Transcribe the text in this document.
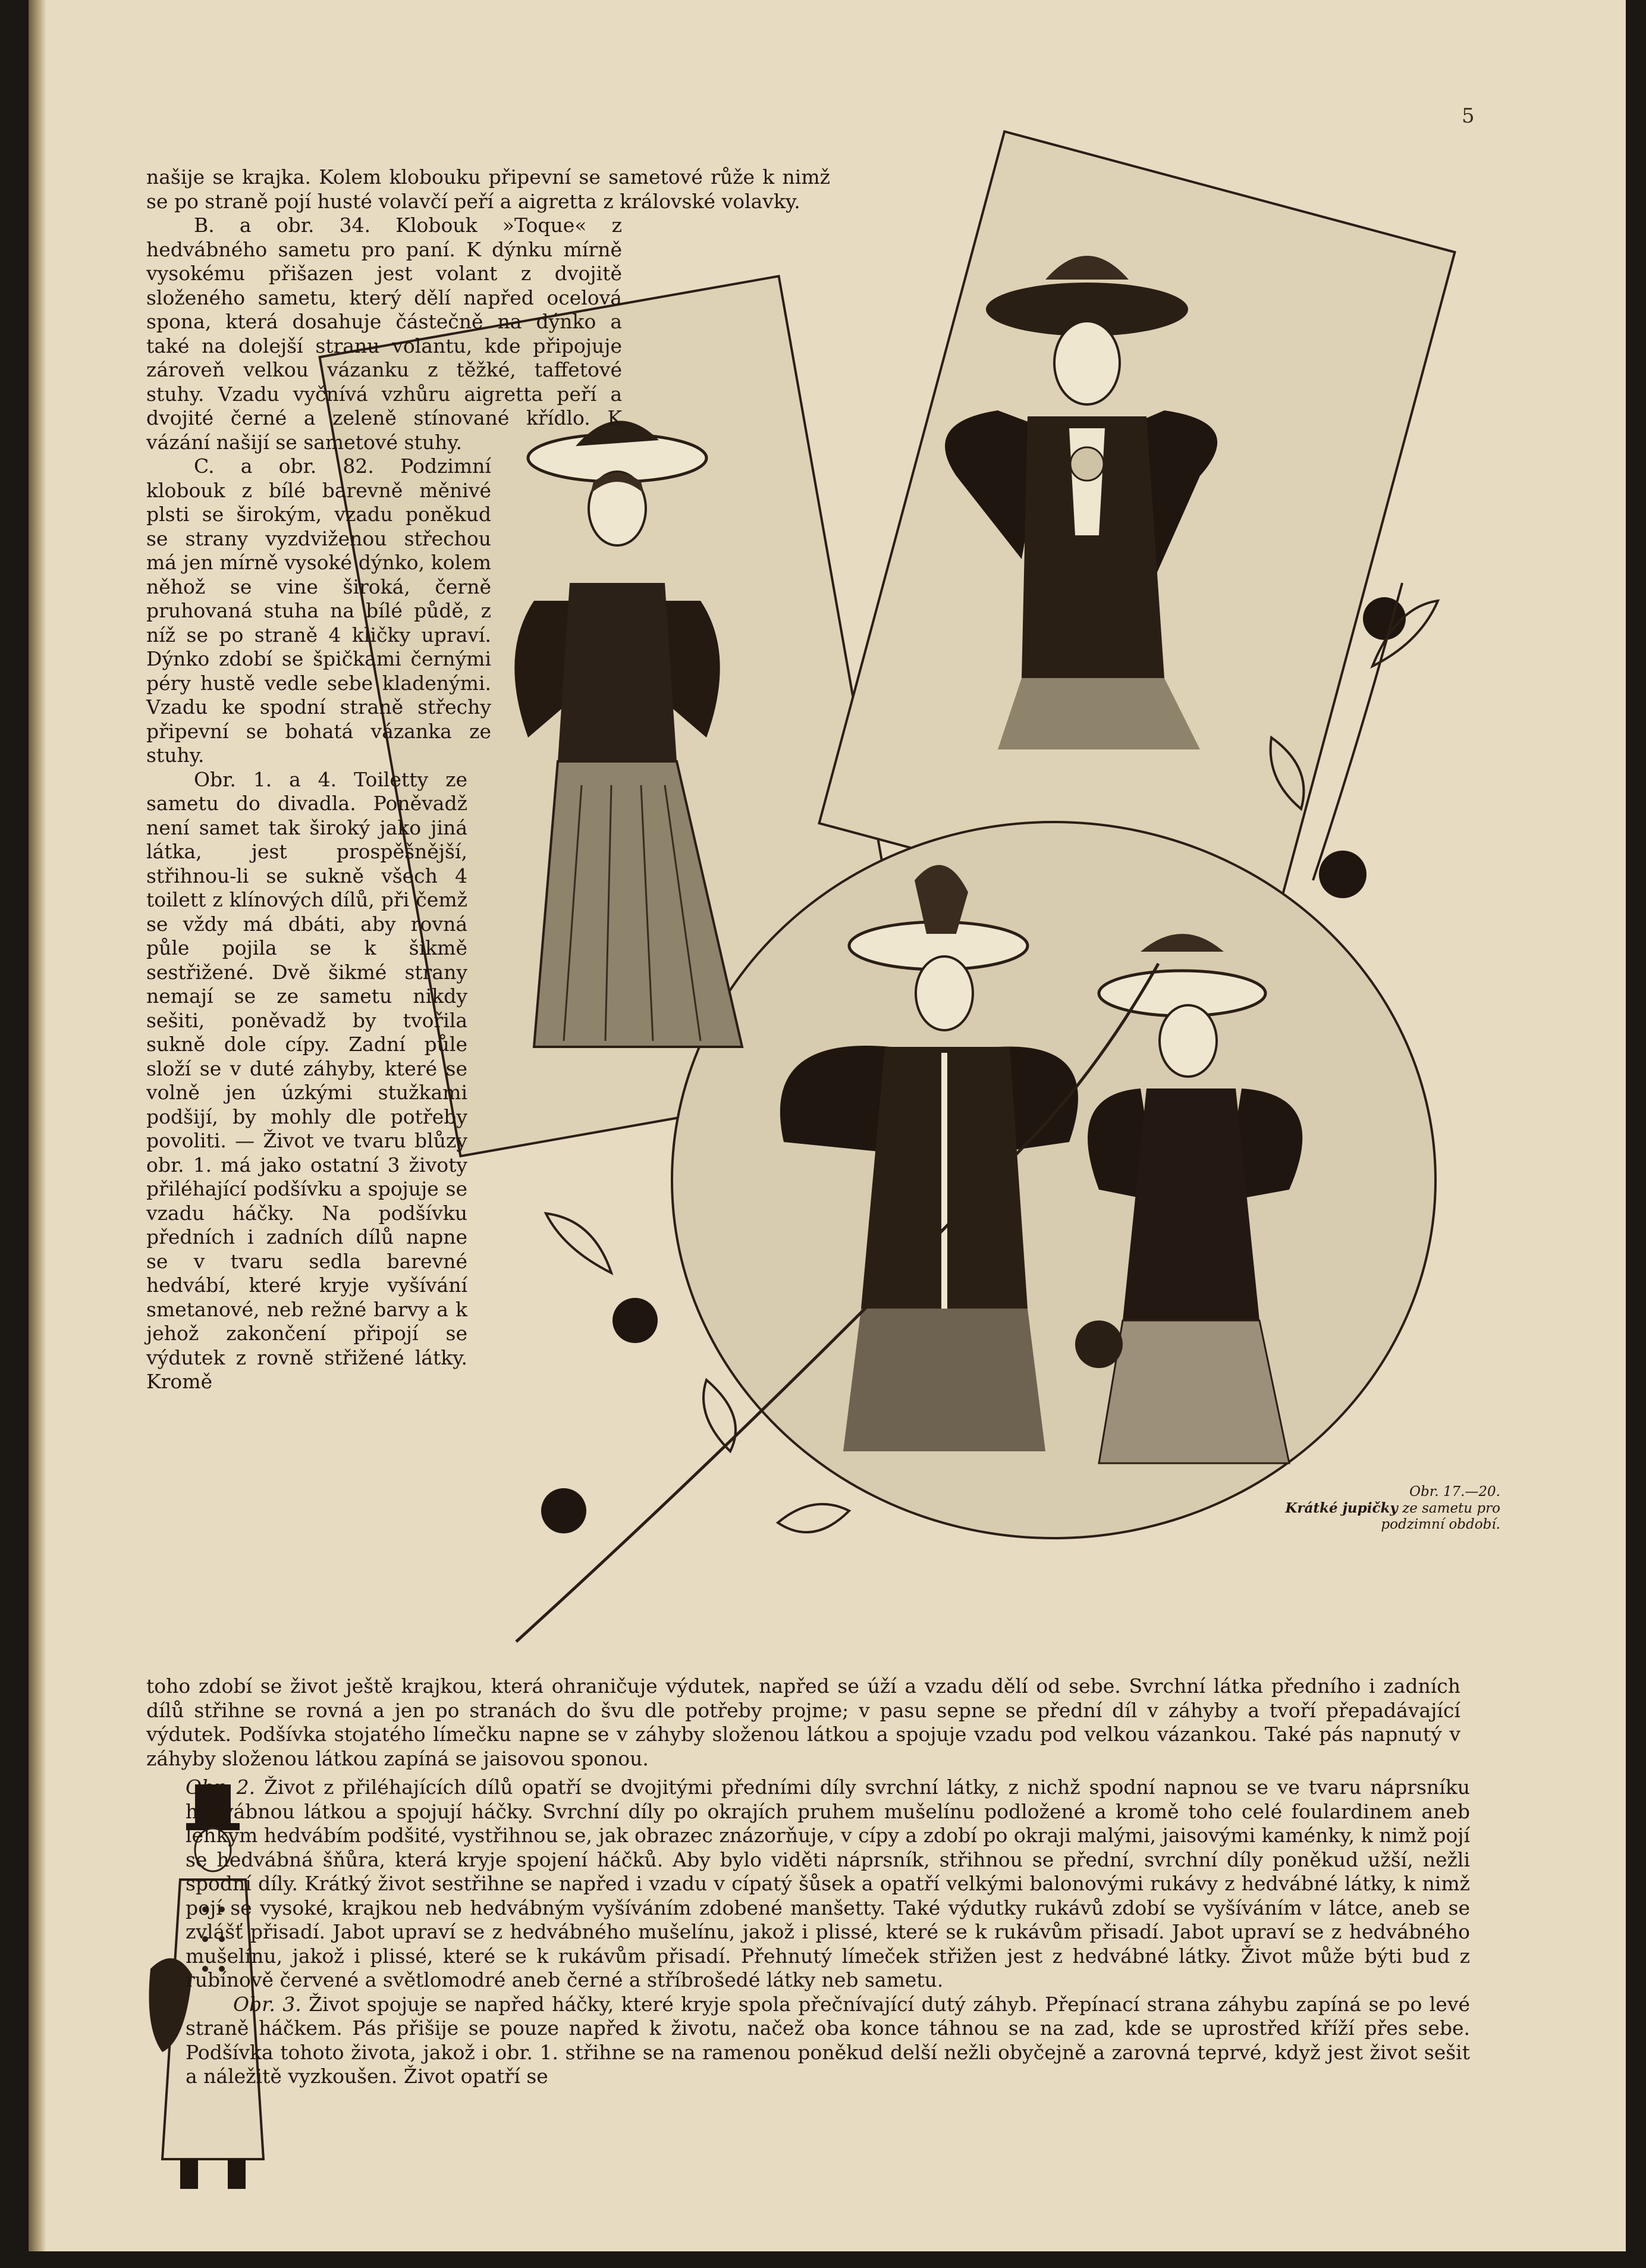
5
Obr. 17.—20.
Krátké jupičky ze sametu pro podzimní období.

našije se krajka. Kolem klobouku připevní se sametové růže k nimž se po straně pojí husté volavčí peří a aigretta z královské volavky.

B. a obr. 34. Klobouk »Toque« z hedvábného sametu pro paní. K dýnku mírně vysokému přišazen jest volant z dvojitě složeného sametu, který dělí napřed ocelová spona, která dosahuje částečně na dýnko a také na dolejší stranu volantu, kde připojuje zároveň velkou vázanku z těžké, taffetové stuhy. Vzadu vyčnívá vzhůru aigretta peří a dvojité černé a zeleně stínované křídlo. K vázání našijí se sametové stuhy.

C. a obr. 82. Podzimní klobouk z bílé barevně měnivé plsti se širokým, vzadu poněkud se strany vyzdviženou střechou má jen mírně vysoké dýnko, kolem něhož se vine široká, černě pruhovaná stuha na bílé půdě, z níž se po straně 4 kličky upraví. Dýnko zdobí se špičkami černými péry hustě vedle sebe kladenými. Vzadu ke spodní straně střechy připevní se bohatá vázanka ze stuhy.

Obr. 1. a 4. Toiletty ze sametu do divadla. Poněvadž není samet tak široký jako jiná látka, jest prospěšnější, střihnou-li se sukně všech 4 toilett z klínových dílů, při čemž se vždy má dbáti, aby rovná půle pojila se k šikmě sestřižené. Dvě šikmé strany nemají se ze sametu nikdy sešiti, poněvadž by tvořila sukně dole cípy. Zadní půle složí se v duté záhyby, které se volně jen úzkými stužkami podšijí, by mohly dle potřeby povoliti. — Život ve tvaru blůzy obr. 1. má jako ostatní 3 životy přiléhající podšívku a spojuje se vzadu háčky. Na podšívku předních i zadních dílů napne se v tvaru sedla barevné hedvábí, které kryje vyšívání smetanové, neb režné barvy a k jehož zakončení připojí se výdutek z rovně střižené látky. Kromě

toho zdobí se život ještě krajkou, která ohraničuje výdutek, napřed se úží a vzadu dělí od sebe. Svrchní látka předního i zadních dílů střihne se rovná a jen po stranách do švu dle potřeby projme; v pasu sepne se přední díl v záhyby a tvoří přepadávající výdutek. Podšívka stojatého límečku napne se v záhyby složenou látkou a spojuje vzadu pod velkou vázankou. Také pás napnutý v záhyby složenou látkou zapíná se jaisovou sponou.

Obr. 2. Život z přiléhajících dílů opatří se dvojitými předními díly svrchní látky, z nichž spodní napnou se ve tvaru náprsníku hedvábnou látkou a spojují háčky. Svrchní díly po okrajích pruhem mušelínu podložené a kromě toho celé foulardinem aneb lehkým hedvábím podšité, vystřihnou se, jak obrazec znázorňuje, v cípy a zdobí po okraji malými, jaisovými kaménky, k nimž pojí se hedvábná šňůra, která kryje spojení háčků. Aby bylo viděti náprsník, střihnou se přední, svrchní díly poněkud užší, nežli spodní díly. Krátký život sestřihne se napřed i vzadu v cípatý šůsek a opatří velkými balonovými rukávy z hedvábné látky, k nimž pojí se vysoké, krajkou neb hedvábným vyšíváním zdobené manšetty. Také výdutky rukávů zdobí se vyšíváním v látce, aneb se zvlášť přisadí. Jabot upraví se z hedvábného mušelínu, jakož i plissé, které se k rukávům přisadí. Jabot upraví se z hedvábného mušelínu, jakož i plissé, které se k rukávům přisadí. Přehnutý límeček střižen jest z hedvábné látky. Život může býti bud z rubínově červené a světlomodré aneb černé a stříbrošedé látky neb sametu.

Obr. 3. Život spojuje se napřed háčky, které kryje spola přečnívající dutý záhyb. Přepínací strana záhybu zapíná se po levé straně háčkem. Pás přišije se pouze napřed k životu, načež oba konce táhnou se na zad, kde se uprostřed kříží přes sebe. Podšívka tohoto života, jakož i obr. 1. střihne se na ramenou poněkud delší nežli obyčejně a zarovná teprvé, když jest život sešit a náležitě vyzkoušen. Život opatří se
